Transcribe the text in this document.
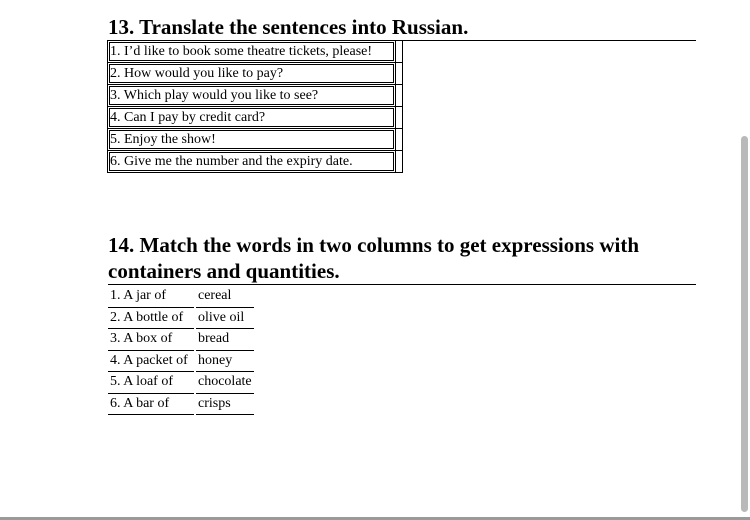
13. Translate the sentences into Russian.
1. I’d like to book some theatre tickets, please!	
2. How would you like to pay?	
3. Which play would you like to see?	
4. Can I pay by credit card?	
5. Enjoy the show!	
6. Give me the number and the expiry date.	
14. Match the words in two columns to get expressions with containers and quantities.
1. A jar of		cereal
2. A bottle of		olive oil
3. A box of		bread
4. A packet of		honey
5. A loaf of		chocolate
6. A bar of		crisps
